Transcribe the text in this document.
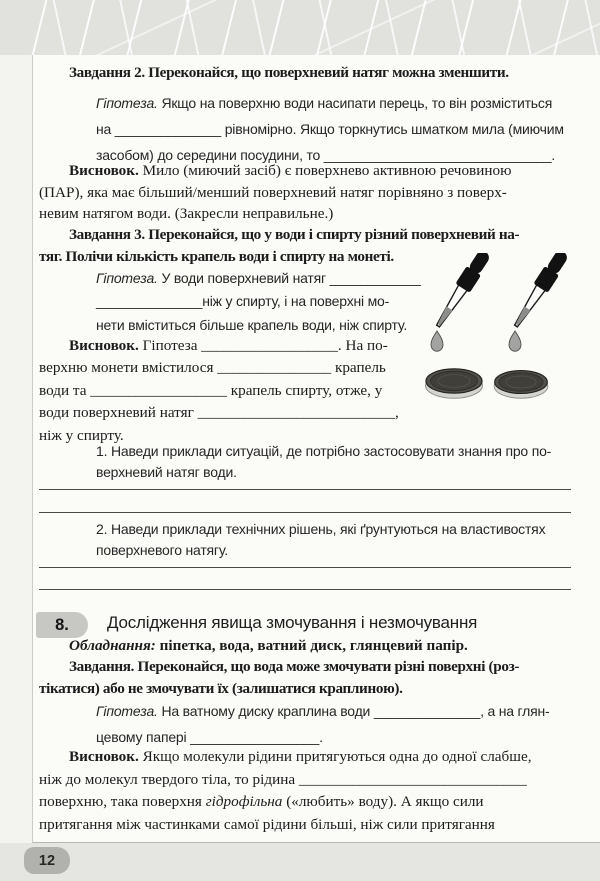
Завдання 2. Переконайся, що поверхневий натяг можна зменшити.
Гіпотеза. Якщо на поверхню води насипати перець, то він розміститься
на ______________ рівномірно. Якщо торкнутись шматком мила (миючим
засобом) до середини посудини, то ______________________________.
Висновок. Мило (миючий засіб) є поверхнево активною речовиною
(ПАР), яка має більший/менший поверхневий натяг порівняно з поверх-
невим натягом води. (Закресли неправильне.)
Завдання 3. Переконайся, що у води і спирту різний поверхневий на-
тяг. Полічи кількість крапель води і спирту на монеті.
Гіпотеза. У води поверхневий натяг ____________
______________ніж у спирту, і на поверхні мо-
нети вміститься більше крапель води, ніж спирту.
Висновок. Гіпотеза __________________. На по-
верхню монети вмістилося _______________ крапель
води та __________________ крапель спирту, отже, у
води поверхневий натяг __________________________,
ніж у спирту.
1. Наведи приклади ситуацій, де потрібно застосовувати знання про по-
верхневий натяг води.
2. Наведи приклади технічних рішень, які ґрунтуються на властивостях
поверхневого натягу.
8.	Дослідження явища змочування і незмочування
Обладнання: піпетка, вода, ватний диск, глянцевий папір.
Завдання. Переконайся, що вода може змочувати різні поверхні (роз-
тікатися) або не змочувати їх (залишатися краплиною).
Гіпотеза. На ватному диску краплина води ______________, а на глян-
цевому папері _________________.
Висновок. Якщо молекули рідини притягуються одна до одної слабше,
ніж до молекул твердого тіла, то рідина ______________________________
поверхню, така поверхня гідрофільна («любить» воду). А якщо сили
притягання між частинками самої рідини більші, ніж сили притягання
12
